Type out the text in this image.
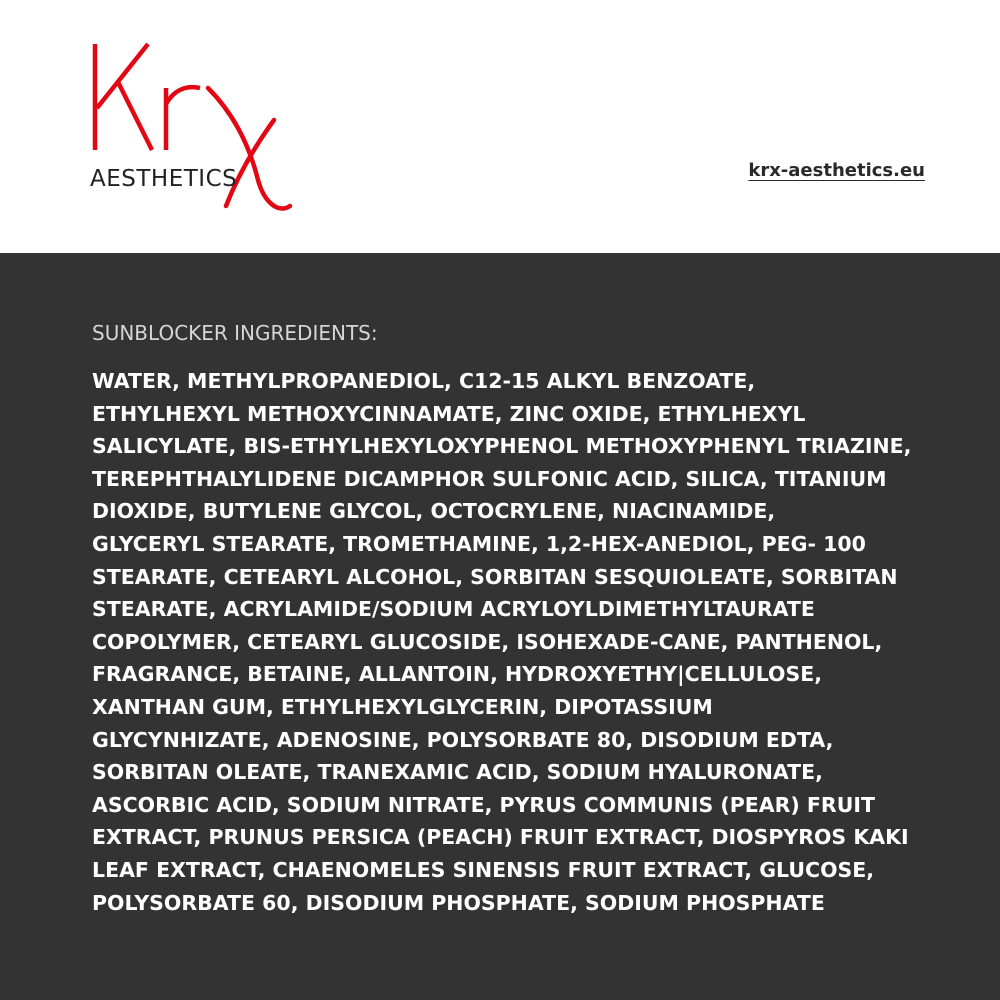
AESTHETICS	krx-aesthetics.eu
SUNBLOCKER INGREDIENTS:
WATER, METHYLPROPANEDIOL, C12-15 ALKYL BENZOATE,
ETHYLHEXYL METHOXYCINNAMATE, ZINC OXIDE, ETHYLHEXYL
SALICYLATE, BIS-ETHYLHEXYLOXYPHENOL METHOXYPHENYL TRIAZINE,
TEREPHTHALYLIDENE DICAMPHOR SULFONIC ACID, SILICA, TITANIUM
DIOXIDE, BUTYLENE GLYCOL, OCTOCRYLENE, NIACINAMIDE,
GLYCERYL STEARATE, TROMETHAMINE, 1,2-HEX-ANEDIOL, PEG- 100
STEARATE, CETEARYL ALCOHOL, SORBITAN SESQUIOLEATE, SORBITAN
STEARATE, ACRYLAMIDE/SODIUM ACRYLOYLDIMETHYLTAURATE
COPOLYMER, CETEARYL GLUCOSIDE, ISOHEXADE-CANE, PANTHENOL,
FRAGRANCE, BETAINE, ALLANTOIN, HYDROXYETHY|CELLULOSE,
XANTHAN GUM, ETHYLHEXYLGLYCERIN, DIPOTASSIUM
GLYCYNHIZATE, ADENOSINE, POLYSORBATE 80, DISODIUM EDTA,
SORBITAN OLEATE, TRANEXAMIC ACID, SODIUM HYALURONATE,
ASCORBIC ACID, SODIUM NITRATE, PYRUS COMMUNIS (PEAR) FRUIT
EXTRACT, PRUNUS PERSICA (PEACH) FRUIT EXTRACT, DIOSPYROS KAKI
LEAF EXTRACT, CHAENOMELES SINENSIS FRUIT EXTRACT, GLUCOSE,
POLYSORBATE 60, DISODIUM PHOSPHATE, SODIUM PHOSPHATE
